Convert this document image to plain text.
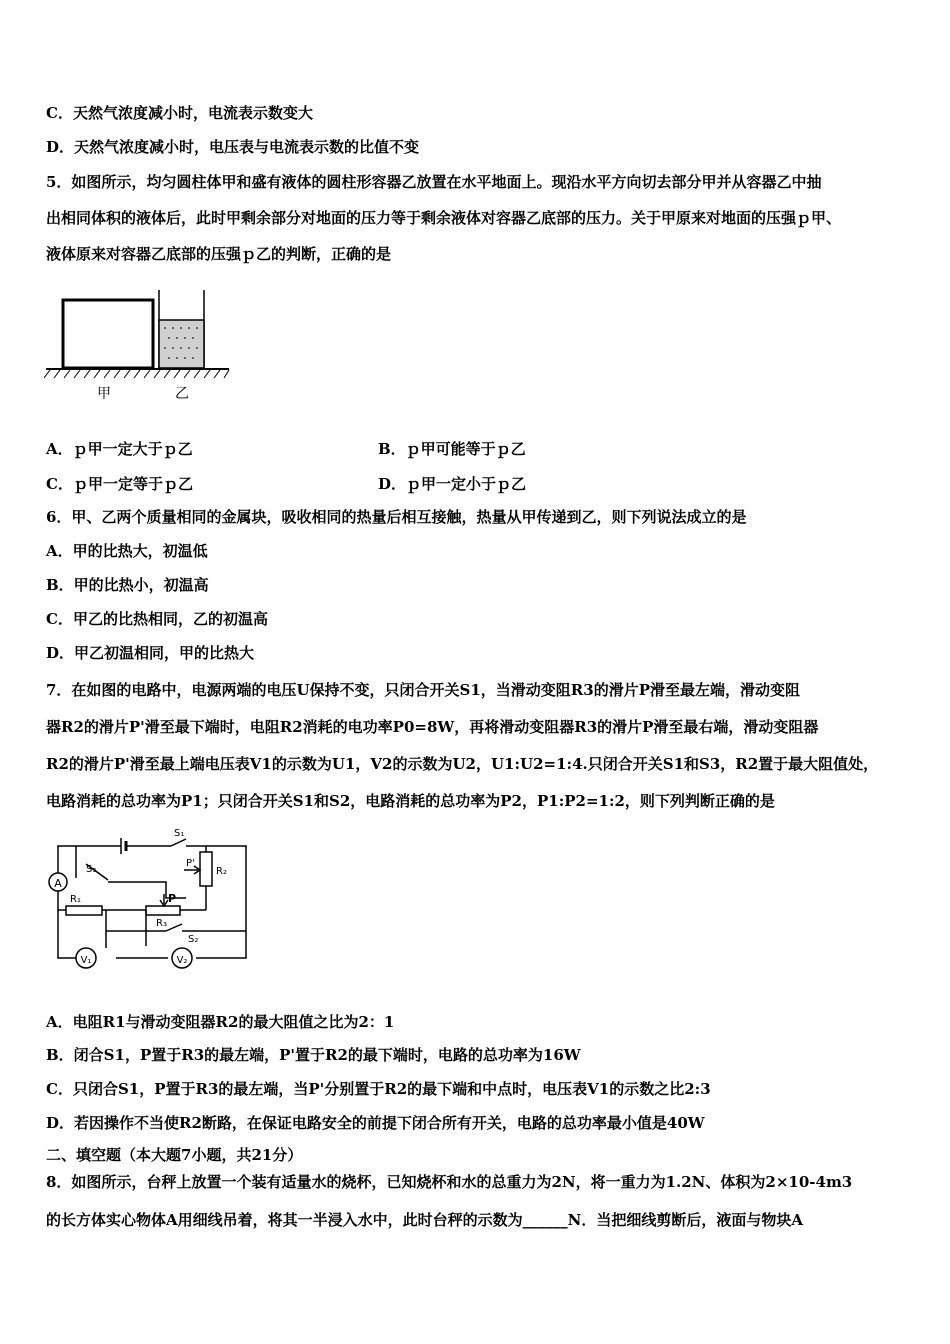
C．天然气浓度减小时，电流表示数变大
D．天然气浓度减小时，电压表与电流表示数的比值不变
5．如图所示，均匀圆柱体甲和盛有液体的圆柱形容器乙放置在水平地面上。现沿水平方向切去部分甲并从容器乙中抽
出相同体积的液体后，此时甲剩余部分对地面的压力等于剩余液体对容器乙底部的压力。关于甲原来对地面的压强ｐ甲、
液体原来对容器乙底部的压强ｐ乙的判断，正确的是
甲	乙
A．ｐ甲一定大于ｐ乙	B．ｐ甲可能等于ｐ乙
C．ｐ甲一定等于ｐ乙	D．ｐ甲一定小于ｐ乙
6．甲、乙两个质量相同的金属块，吸收相同的热量后相互接触，热量从甲传递到乙，则下列说法成立的是
A．甲的比热大，初温低
B．甲的比热小，初温高
C．甲乙的比热相同，乙的初温高
D．甲乙初温相同，甲的比热大
7．在如图的电路中，电源两端的电压U保持不变，只闭合开关S1，当滑动变阻R3的滑片P滑至最左端，滑动变阻
器R2的滑片P'滑至最下端时，电阻R2消耗的电功率P0=8W，再将滑动变阻器R3的滑片P滑至最右端，滑动变阻器
R2的滑片P'滑至最上端电压表V1的示数为U1，V2的示数为U2，U1:U2=1:4.只闭合开关S1和S3，R2置于最大阻值处，
电路消耗的总功率为P1；只闭合开关S1和S2，电路消耗的总功率为P2，P1:P2=1:2，则下列判断正确的是
A
V₁	V₂
S₁
S₃	R₂
P'
R₁	P
R₃
S₂
A．电阻R1与滑动变阻器R2的最大阻值之比为2：1
B．闭合S1，P置于R3的最左端，P'置于R2的最下端时，电路的总功率为16W
C．只闭合S1，P置于R3的最左端，当P'分别置于R2的最下端和中点时，电压表V1的示数之比2:3
D．若因操作不当使R2断路，在保证电路安全的前提下闭合所有开关，电路的总功率最小值是40W
二、填空题（本大题7小题，共21分）
8．如图所示，台秤上放置一个装有适量水的烧杯，已知烧杯和水的总重力为2N，将一重力为1.2N、体积为2×10-4m3
的长方体实心物体A用细线吊着，将其一半浸入水中，此时台秤的示数为______N．当把细线剪断后，液面与物块A
